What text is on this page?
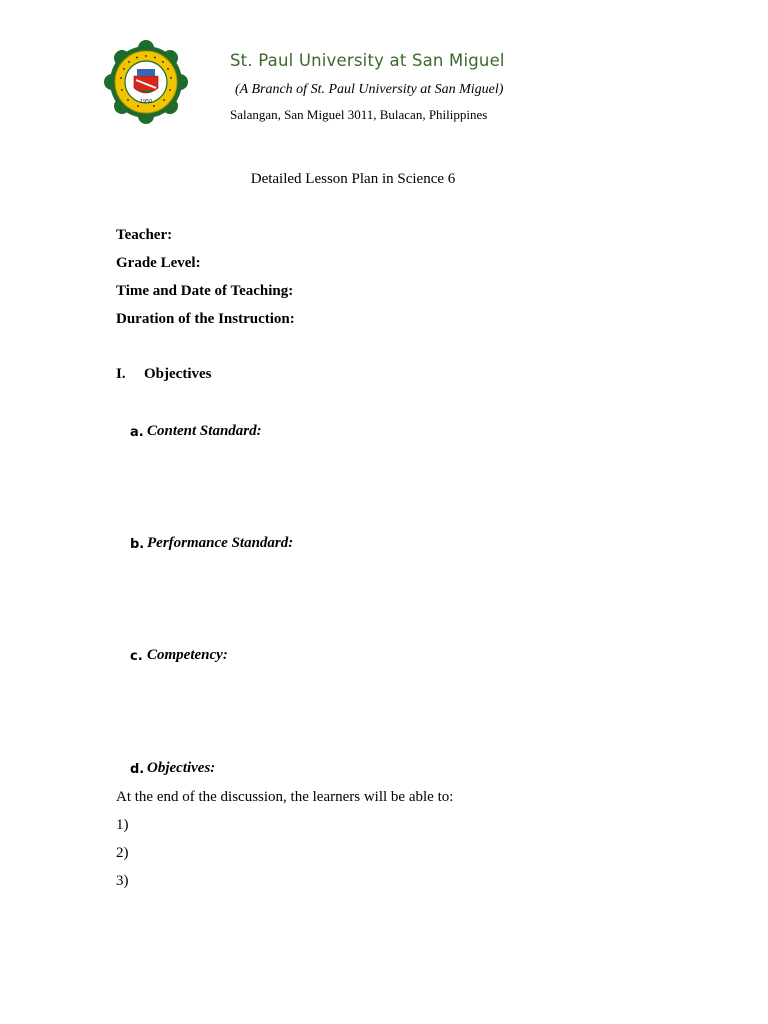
1950
St. Paul University at San Miguel
(A Branch of St. Paul University at San Miguel)
Salangan, San Miguel 3011, Bulacan, Philippines
Detailed Lesson Plan in Science 6
Teacher:
Grade Level:
Time and Date of Teaching:
Duration of the Instruction:
I. Objectives
a. Content Standard:
b. Performance Standard:
c. Competency:
d. Objectives:
At the end of the discussion, the learners will be able to:
1)
2)
3)
